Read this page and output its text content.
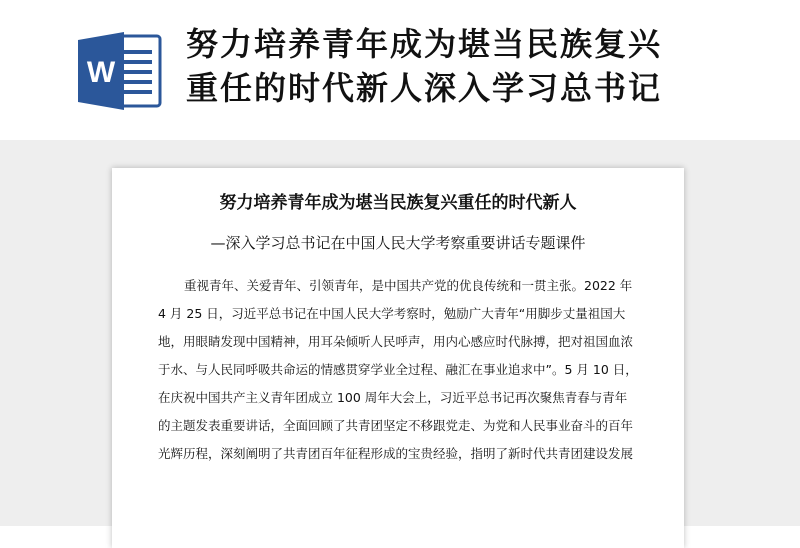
W
努力培养青年成为堪当民族复兴
重任的时代新人深入学习总书记
努力培养青年成为堪当民族复兴重任的时代新人
—深入学习总书记在中国人民大学考察重要讲话专题课件
重视青年、关爱青年、引领青年，是中国共产党的优良传统和一贯主张。2022 年
4 月 25 日，习近平总书记在中国人民大学考察时，勉励广大青年“用脚步丈量祖国大
地，用眼睛发现中国精神，用耳朵倾听人民呼声，用内心感应时代脉搏，把对祖国血浓
于水、与人民同呼吸共命运的情感贯穿学业全过程、融汇在事业追求中”。5 月 10 日，
在庆祝中国共产主义青年团成立 100 周年大会上，习近平总书记再次聚焦青春与青年
的主题发表重要讲话，全面回顾了共青团坚定不移跟党走、为党和人民事业奋斗的百年
光辉历程，深刻阐明了共青团百年征程形成的宝贵经验，指明了新时代共青团建设发展
